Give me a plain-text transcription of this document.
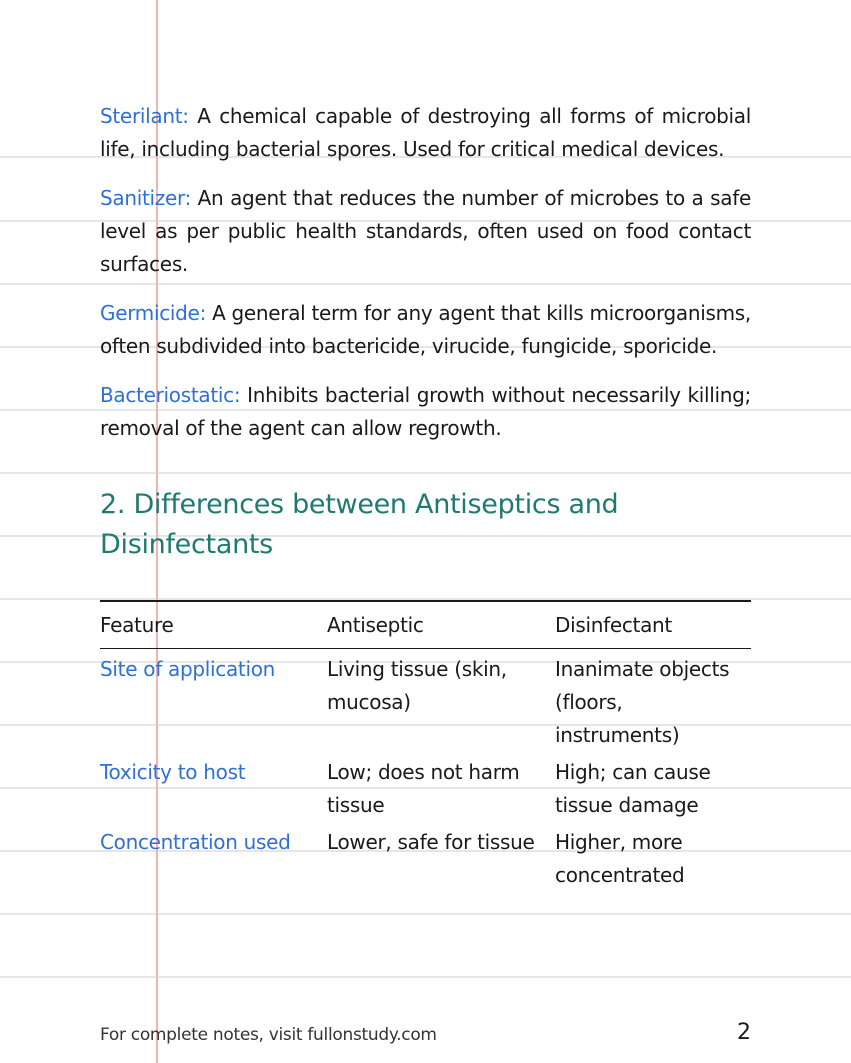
Sterilant: A chemical capable of destroying all forms of microbial life, including bacterial spores. Used for critical medical devices.

Sanitizer: An agent that reduces the number of microbes to a safe level as per public health standards, often used on food contact surfaces.

Germicide: A general term for any agent that kills microorganisms, often subdivided into bactericide, virucide, fungicide, sporicide.

Bacteriostatic: Inhibits bacterial growth without necessarily killing; removal of the agent can allow regrowth.

2. Differences between Antiseptics and Disinfectants
Feature	Antiseptic	Disinfectant
Site of application	Living tissue (skin, mucosa)	Inanimate objects (floors, instruments)
Toxicity to host	Low; does not harm tissue	High; can cause tissue damage
Concentration used	Lower, safe for tissue	Higher, more concentrated
For complete notes, visit fullonstudy.com	2
